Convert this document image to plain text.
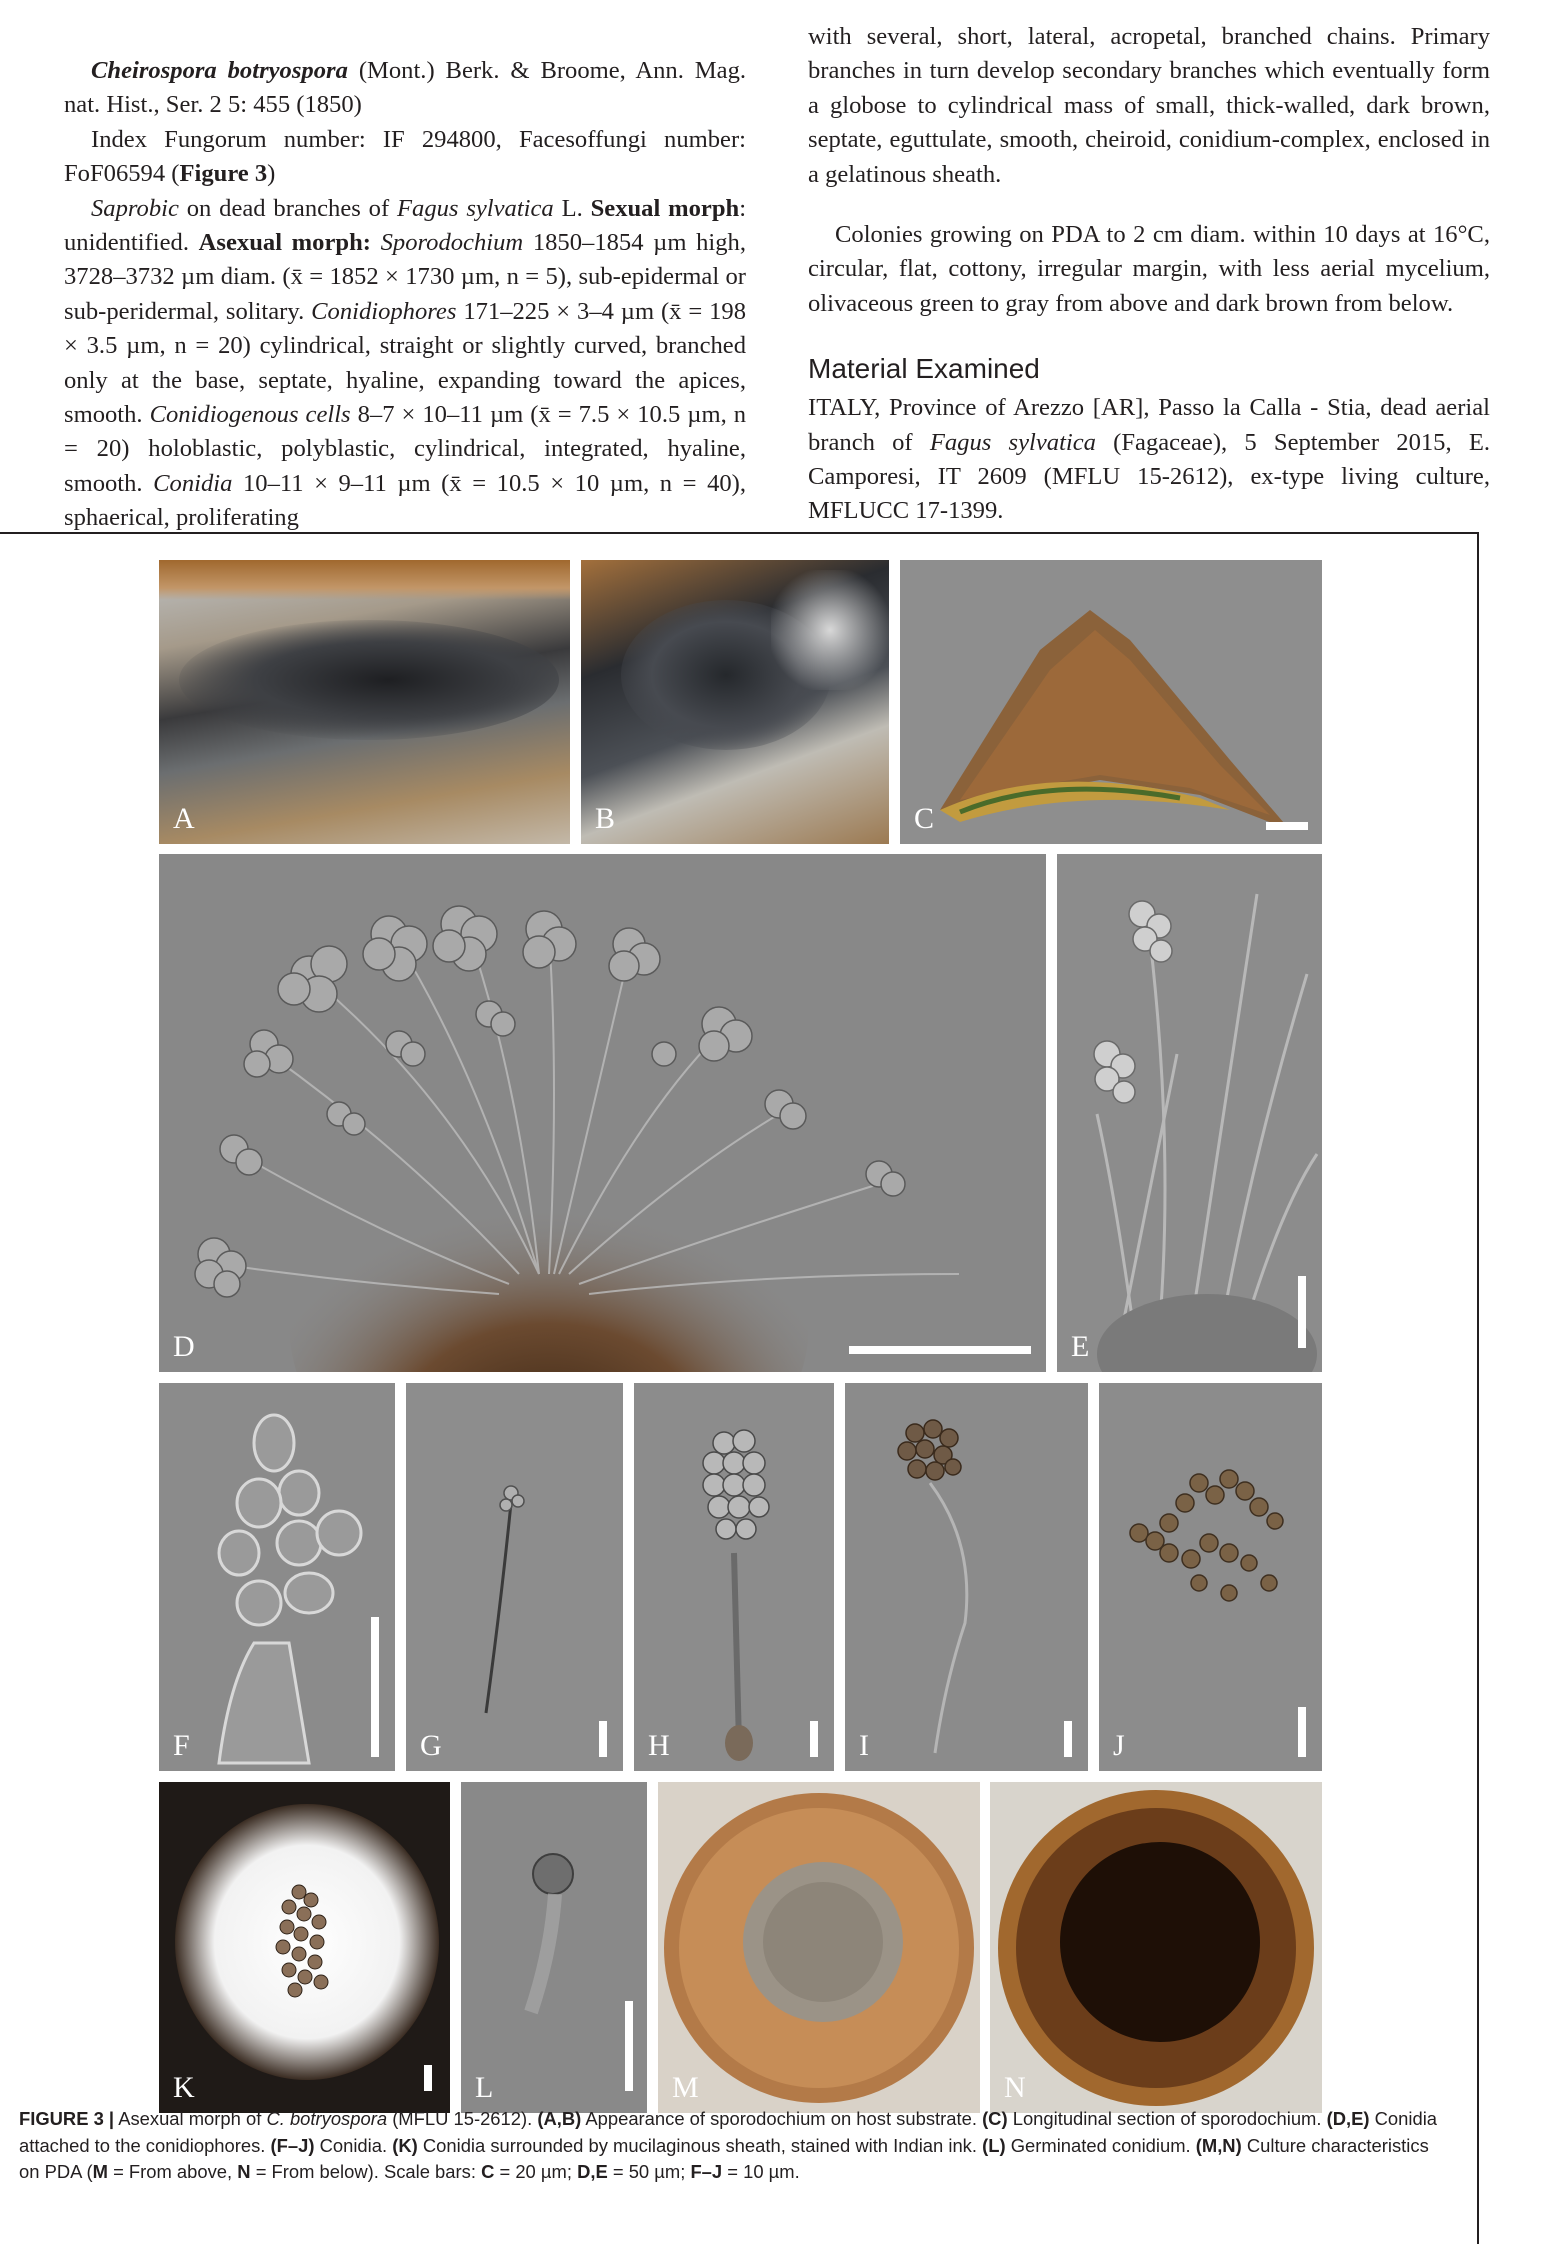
Cheirospora botryospora (Mont.) Berk. & Broome, Ann. Mag. nat. Hist., Ser. 2 5: 455 (1850)

Index Fungorum number: IF 294800, Facesoffungi number: FoF06594 (Figure 3)

Saprobic on dead branches of Fagus sylvatica L. Sexual morph: unidentified. Asexual morph: Sporodochium 1850–1854 µm high, 3728–3732 µm diam. (x̄ = 1852 × 1730 µm, n = 5), sub-epidermal or sub-peridermal, solitary. Conidiophores 171–225 × 3–4 µm (x̄ = 198 × 3.5 µm, n = 20) cylindrical, straight or slightly curved, branched only at the base, septate, hyaline, expanding toward the apices, smooth. Conidiogenous cells 8–7 × 10–11 µm (x̄ = 7.5 × 10.5 µm, n = 20) holoblastic, polyblastic, cylindrical, integrated, hyaline, smooth. Conidia 10–11 × 9–11 µm (x̄ = 10.5 × 10 µm, n = 40), sphaerical, proliferating

with several, short, lateral, acropetal, branched chains. Primary branches in turn develop secondary branches which eventually form a globose to cylindrical mass of small, thick-walled, dark brown, septate, eguttulate, smooth, cheiroid, conidium-complex, enclosed in a gelatinous sheath.

Colonies growing on PDA to 2 cm diam. within 10 days at 16°C, circular, flat, cottony, irregular margin, with less aerial mycelium, olivaceous green to gray from above and dark brown from below.

Material Examined

ITALY, Province of Arezzo [AR], Passo la Calla - Stia, dead aerial branch of Fagus sylvatica (Fagaceae), 5 September 2015, E. Camporesi, IT 2609 (MFLU 15-2612), ex-type living culture, MFLUCC 17-1399.

A	B	C
D	E
F	G	H	I	J
K	L	M	N
FIGURE 3 | Asexual morph of C. botryospora (MFLU 15-2612). (A,B) Appearance of sporodochium on host substrate. (C) Longitudinal section of sporodochium. (D,E) Conidia attached to the conidiophores. (F–J) Conidia. (K) Conidia surrounded by mucilaginous sheath, stained with Indian ink. (L) Germinated conidium. (M,N) Culture characteristics on PDA (M = From above, N = From below). Scale bars: C = 20 µm; D,E = 50 µm; F–J = 10 µm.
